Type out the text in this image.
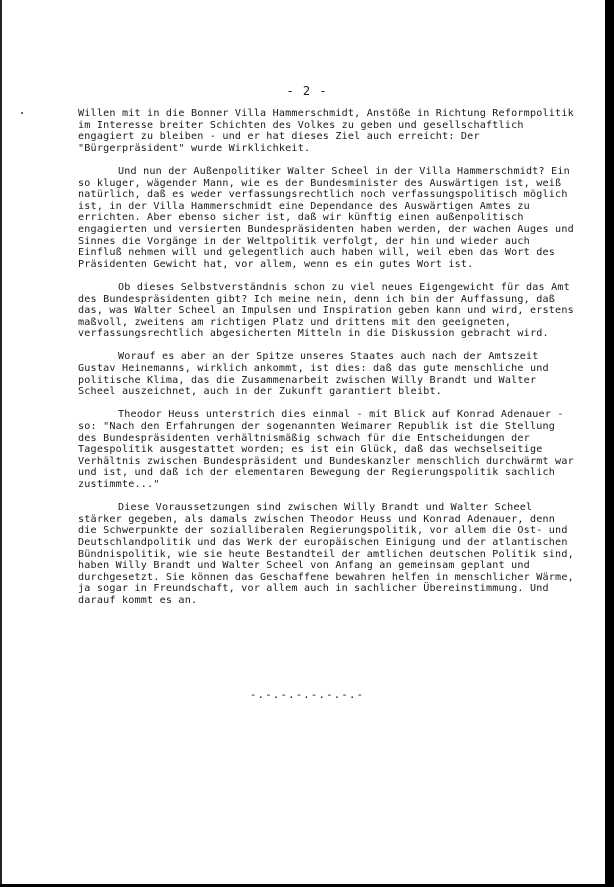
- 2 -

Willen mit in die Bonner Villa Hammerschmidt, Anstöße in Richtung Reformpolitik im Interesse breiter Schichten des Volkes zu geben und gesellschaftlich engagiert zu bleiben - und er hat dieses Ziel auch erreicht: Der "Bürgerpräsident" wurde Wirklichkeit.

Und nun der Außenpolitiker Walter Scheel in der Villa Hammerschmidt? Ein so kluger, wägender Mann, wie es der Bundesminister des Auswärtigen ist, weiß natürlich, daß es weder verfassungsrechtlich noch verfassungspolitisch möglich ist, in der Villa Hammerschmidt eine Dependance des Auswärtigen Amtes zu errichten. Aber ebenso sicher ist, daß wir künftig einen außenpolitisch engagierten und versierten Bundespräsidenten haben werden, der wachen Auges und Sinnes die Vorgänge in der Weltpolitik verfolgt, der hin und wieder auch Einfluß nehmen will und gelegentlich auch haben will, weil eben das Wort des Präsidenten Gewicht hat, vor allem, wenn es ein gutes Wort ist.

Ob dieses Selbstverständnis schon zu viel neues Eigengewicht für das Amt des Bundespräsidenten gibt? Ich meine nein, denn ich bin der Auffassung, daß das, was Walter Scheel an Impulsen und Inspiration geben kann und wird, erstens maßvoll, zweitens am richtigen Platz und drittens mit den geeigneten, verfassungsrechtlich abgesicherten Mitteln in die Diskussion gebracht wird.

Worauf es aber an der Spitze unseres Staates auch nach der Amtszeit Gustav Heinemanns, wirklich ankommt, ist dies: daß das gute menschliche und politische Klima, das die Zusammenarbeit zwischen Willy Brandt und Walter Scheel auszeichnet, auch in der Zukunft garantiert bleibt.

Theodor Heuss unterstrich dies einmal - mit Blick auf Konrad Adenauer - so: "Nach den Erfahrungen der sogenannten Weimarer Republik ist die Stellung des Bundespräsidenten verhältnismäßig schwach für die Entscheidungen der Tagespolitik ausgestattet worden; es ist ein Glück, daß das wechselseitige Verhältnis zwischen Bundespräsident und Bundeskanzler menschlich durchwärmt war und ist, und daß ich der elementaren Bewegung der Regierungspolitik sachlich zustimmte..."

Diese Voraussetzungen sind zwischen Willy Brandt und Walter Scheel stärker gegeben, als damals zwischen Theodor Heuss und Konrad Adenauer, denn die Schwerpunkte der sozialliberalen Regierungspolitik, vor allem die Ost- und Deutschlandpolitik und das Werk der europäischen Einigung und der atlantischen Bündnispolitik, wie sie heute Bestandteil der amtlichen deutschen Politik sind, haben Willy Brandt und Walter Scheel von Anfang an gemeinsam geplant und durchgesetzt. Sie können das Geschaffene bewahren helfen in menschlicher Wärme, ja sogar in Freundschaft, vor allem auch in sachlicher Übereinstimmung. Und darauf kommt es an.

-.-.-.-.-.-.-.-
